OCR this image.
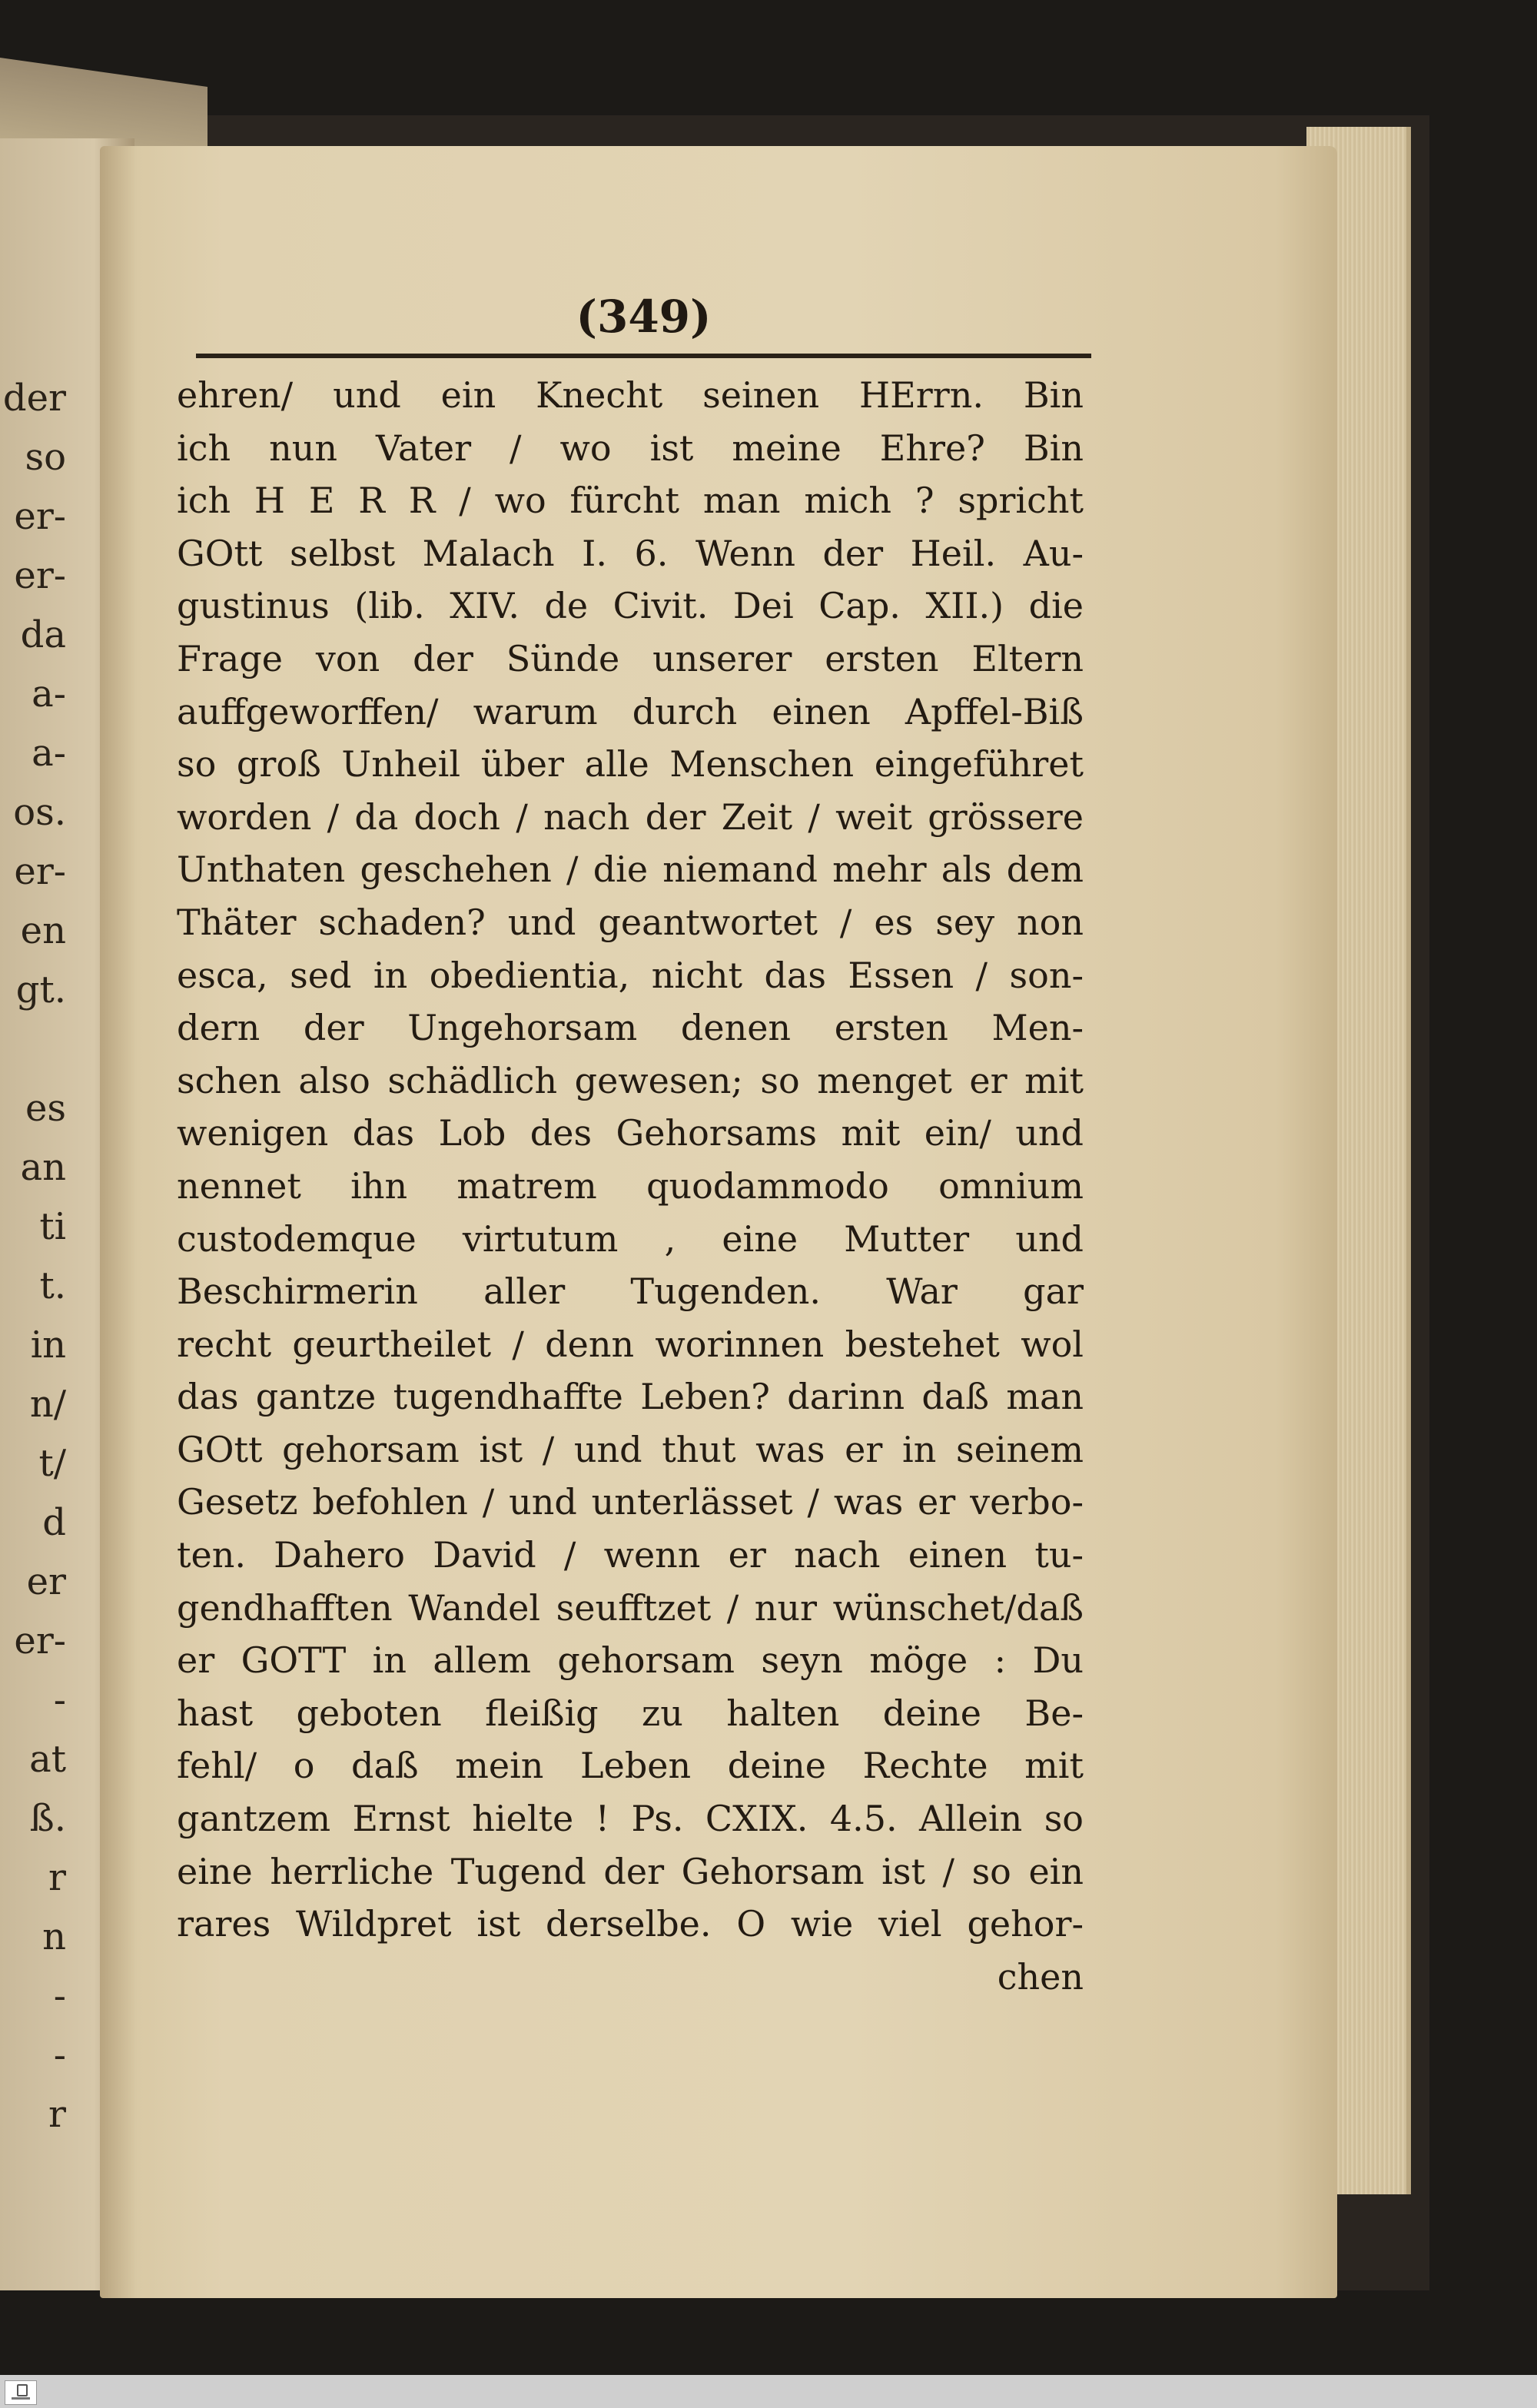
der
so
er-
er-
da
a-
a-
os.
er-
en
gt.
es
an
ti
t.
in
n/
t/
d
er
er-
-
at
ß.
r
n
-
-
r
(349)
ehren/ und ein Knecht seinen HErrn. Bin
ich nun Vater / wo ist meine Ehre? Bin
ich H E R R / wo fürcht man mich ? spricht
GOtt selbst Malach I. 6. Wenn der Heil. Au-
gustinus (lib. XIV. de Civit. Dei Cap. XII.) die
Frage von der Sünde unserer ersten Eltern
auffgeworffen/ warum durch einen Apffel-Biß
so groß Unheil über alle Menschen eingeführet
worden / da doch / nach der Zeit / weit grössere
Unthaten geschehen / die niemand mehr als dem
Thäter schaden? und geantwortet / es sey non
esca, sed in obedientia, nicht das Essen / son-
dern der Ungehorsam denen ersten Men-
schen also schädlich gewesen; so menget er mit
wenigen das Lob des Gehorsams mit ein/ und
nennet ihn matrem quodammodo omnium
custodemque virtutum , eine Mutter und
Beschirmerin aller Tugenden. War gar
recht geurtheilet / denn worinnen bestehet wol
das gantze tugendhaffte Leben? darinn daß man
GOtt gehorsam ist / und thut was er in seinem
Gesetz befohlen / und unterlässet / was er verbo-
ten. Dahero David / wenn er nach einen tu-
gendhafften Wandel seufftzet / nur wünschet/daß
er GOTT in allem gehorsam seyn möge : Du
hast geboten fleißig zu halten deine Be-
fehl/ o daß mein Leben deine Rechte mit
gantzem Ernst hielte ! Ps. CXIX. 4.5. Allein so
eine herrliche Tugend der Gehorsam ist / so ein
rares Wildpret ist derselbe. O wie viel gehor-
chen
